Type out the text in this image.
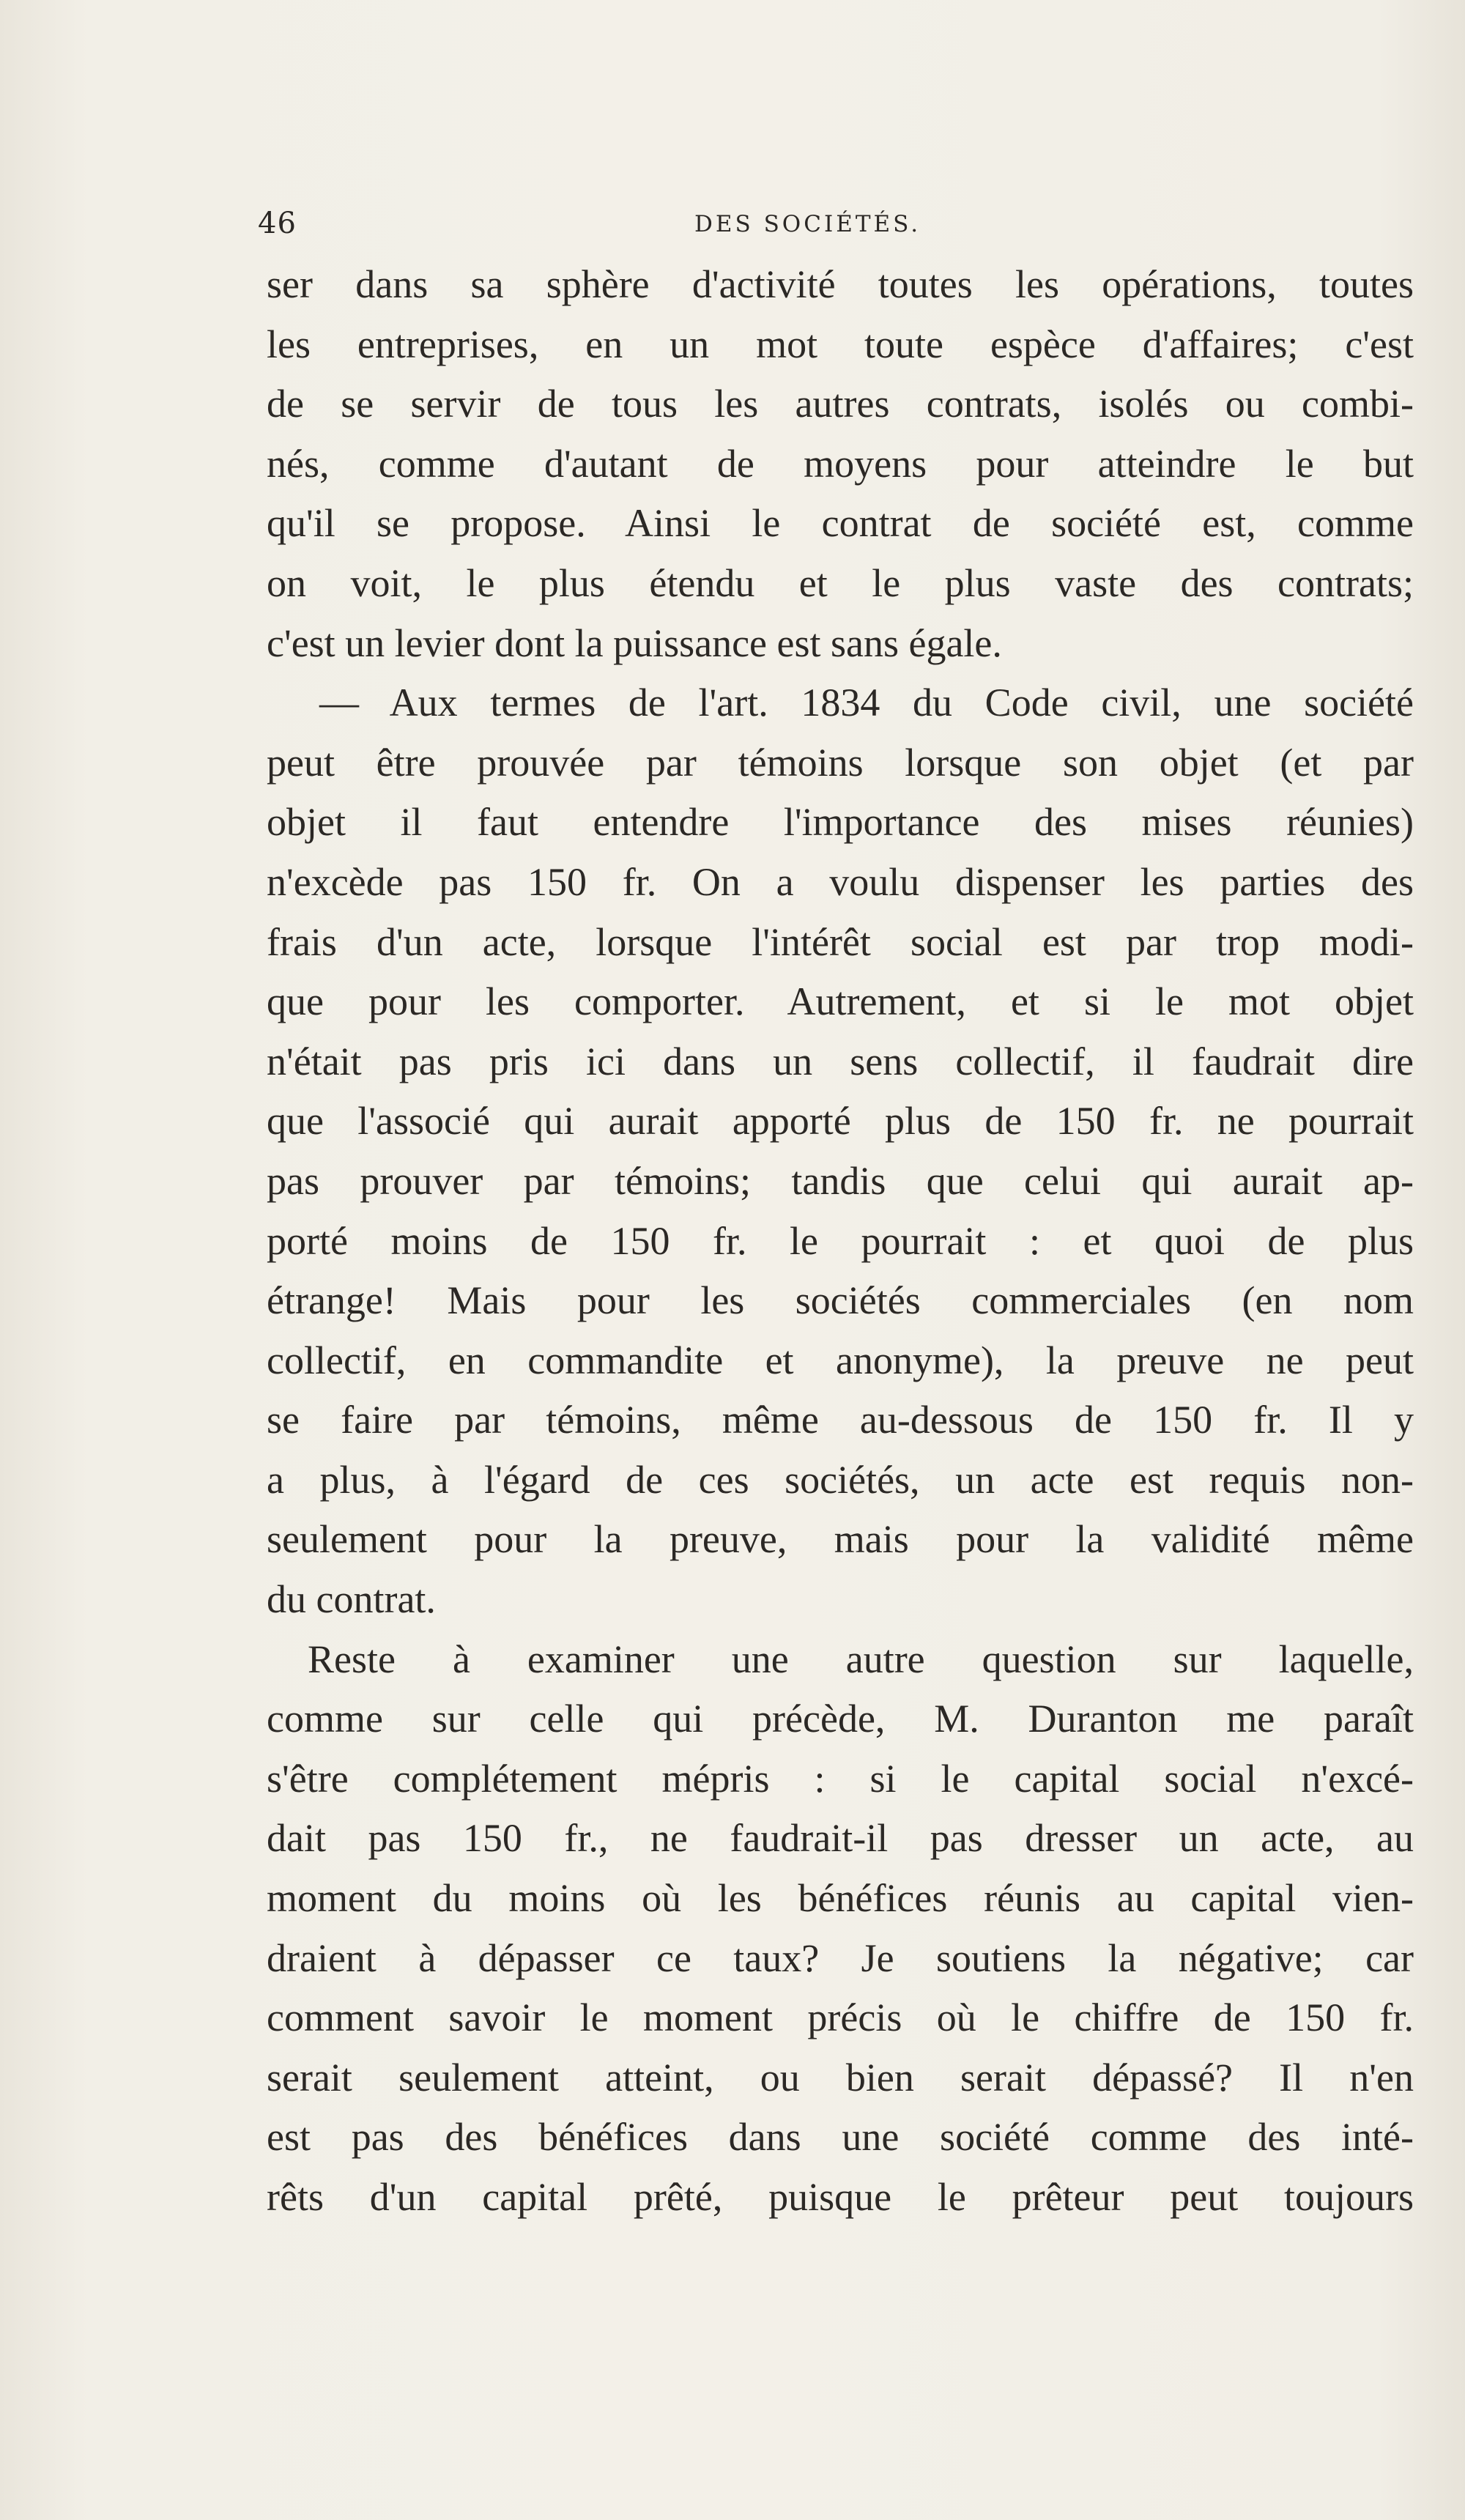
46	DES SOCIÉTÉS.
ser dans sa sphère d'activité toutes les opérations, toutes
les entreprises, en un mot toute espèce d'affaires; c'est
de se servir de tous les autres contrats, isolés ou combi-
nés, comme d'autant de moyens pour atteindre le but
qu'il se propose. Ainsi le contrat de société est, comme
on voit, le plus étendu et le plus vaste des contrats;
c'est un levier dont la puissance est sans égale.
— Aux termes de l'art. 1834 du Code civil, une société
peut être prouvée par témoins lorsque son objet (et par
objet il faut entendre l'importance des mises réunies)
n'excède pas 150 fr. On a voulu dispenser les parties des
frais d'un acte, lorsque l'intérêt social est par trop modi-
que pour les comporter. Autrement, et si le mot objet
n'était pas pris ici dans un sens collectif, il faudrait dire
que l'associé qui aurait apporté plus de 150 fr. ne pourrait
pas prouver par témoins; tandis que celui qui aurait ap-
porté moins de 150 fr. le pourrait : et quoi de plus
étrange! Mais pour les sociétés commerciales (en nom
collectif, en commandite et anonyme), la preuve ne peut
se faire par témoins, même au-dessous de 150 fr. Il y
a plus, à l'égard de ces sociétés, un acte est requis non-
seulement pour la preuve, mais pour la validité même
du contrat.
Reste à examiner une autre question sur laquelle,
comme sur celle qui précède, M. Duranton me paraît
s'être complétement mépris : si le capital social n'excé-
dait pas 150 fr., ne faudrait-il pas dresser un acte, au
moment du moins où les bénéfices réunis au capital vien-
draient à dépasser ce taux? Je soutiens la négative; car
comment savoir le moment précis où le chiffre de 150 fr.
serait seulement atteint, ou bien serait dépassé? Il n'en
est pas des bénéfices dans une société comme des inté-
rêts d'un capital prêté, puisque le prêteur peut toujours
